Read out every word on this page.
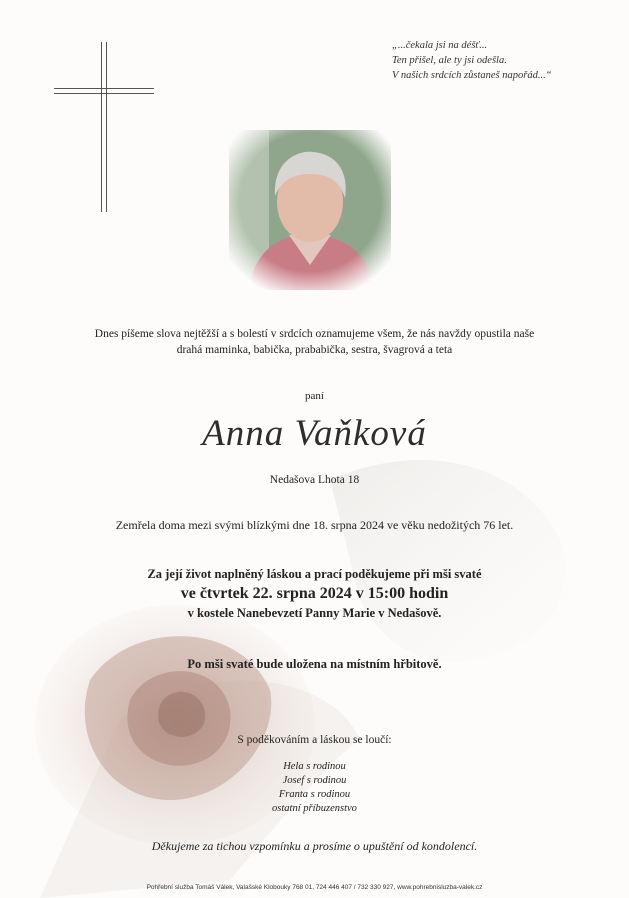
„...čekala jsi na déšť...
Ten přišel, ale ty jsi odešla.
V našich srdcích zůstaneš napořád...“
Dnes píšeme slova nejtěžší a s bolestí v srdcích oznamujeme všem, že nás navždy opustila naše
drahá maminka, babička, prababička, sestra, švagrová a teta
paní
Anna Vaňková
Nedašova Lhota 18
Zemřela doma mezi svými blízkými dne 18. srpna 2024 ve věku nedožitých 76 let.
Za její život naplněný láskou a prací poděkujeme při mši svaté
ve čtvrtek 22. srpna 2024 v 15:00 hodin
v kostele Nanebevzetí Panny Marie v Nedašově.
Po mši svaté bude uložena na místním hřbitově.
S poděkováním a láskou se loučí:
Hela s rodinou
Josef s rodinou
Franta s rodinou
ostatní příbuzenstvo
Děkujeme za tichou vzpomínku a prosíme o upuštění od kondolencí.
Pohřební služba Tomáš Válek, Valašské Klobouky 768 01, 724 446 407 / 732 330 927, www.pohrebnisluzba-valek.cz
